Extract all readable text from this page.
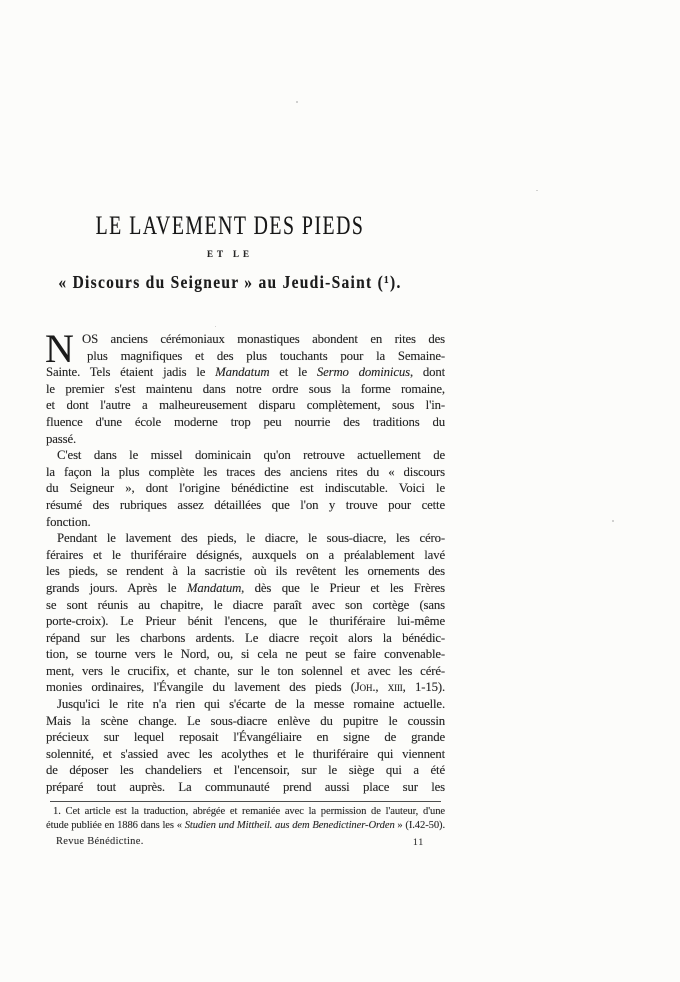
LE LAVEMENT DES PIEDS
ET LE
« Discours du Seigneur » au Jeudi-Saint (¹).
N OS anciens cérémoniaux monastiques abondent en rites des
plus magnifiques et des plus touchants pour la Semaine-
Sainte. Tels étaient jadis le Mandatum et le Sermo dominicus, dont
le premier s'est maintenu dans notre ordre sous la forme romaine,
et dont l'autre a malheureusement disparu complètement, sous l'in-
fluence d'une école moderne trop peu nourrie des traditions du
passé.
C'est dans le missel dominicain qu'on retrouve actuellement de
la façon la plus complète les traces des anciens rites du « discours
du Seigneur », dont l'origine bénédictine est indiscutable. Voici le
résumé des rubriques assez détaillées que l'on y trouve pour cette
fonction.
Pendant le lavement des pieds, le diacre, le sous-diacre, les céro-
féraires et le thuriféraire désignés, auxquels on a préalablement lavé
les pieds, se rendent à la sacristie où ils revêtent les ornements des
grands jours. Après le Mandatum, dès que le Prieur et les Frères
se sont réunis au chapitre, le diacre paraît avec son cortège (sans
porte-croix). Le Prieur bénit l'encens, que le thuriféraire lui-même
répand sur les charbons ardents. Le diacre reçoit alors la bénédic-
tion, se tourne vers le Nord, ou, si cela ne peut se faire convenable-
ment, vers le crucifix, et chante, sur le ton solennel et avec les céré-
monies ordinaires, l'Évangile du lavement des pieds (Joh., xiii, 1-15).
Jusqu'ici le rite n'a rien qui s'écarte de la messe romaine actuelle.
Mais la scène change. Le sous-diacre enlève du pupitre le coussin
précieux sur lequel reposait l'Évangéliaire en signe de grande
solennité, et s'assied avec les acolythes et le thuriféraire qui viennent
de déposer les chandeliers et l'encensoir, sur le siège qui a été
préparé tout auprès. La communauté prend aussi place sur les
1. Cet article est la traduction, abrégée et remaniée avec la permission de l'auteur, d'une
étude publiée en 1886 dans les « Studien und Mittheil. aus dem Benedictiner-Orden » (I.42-50).
Revue Bénédictine.	11
